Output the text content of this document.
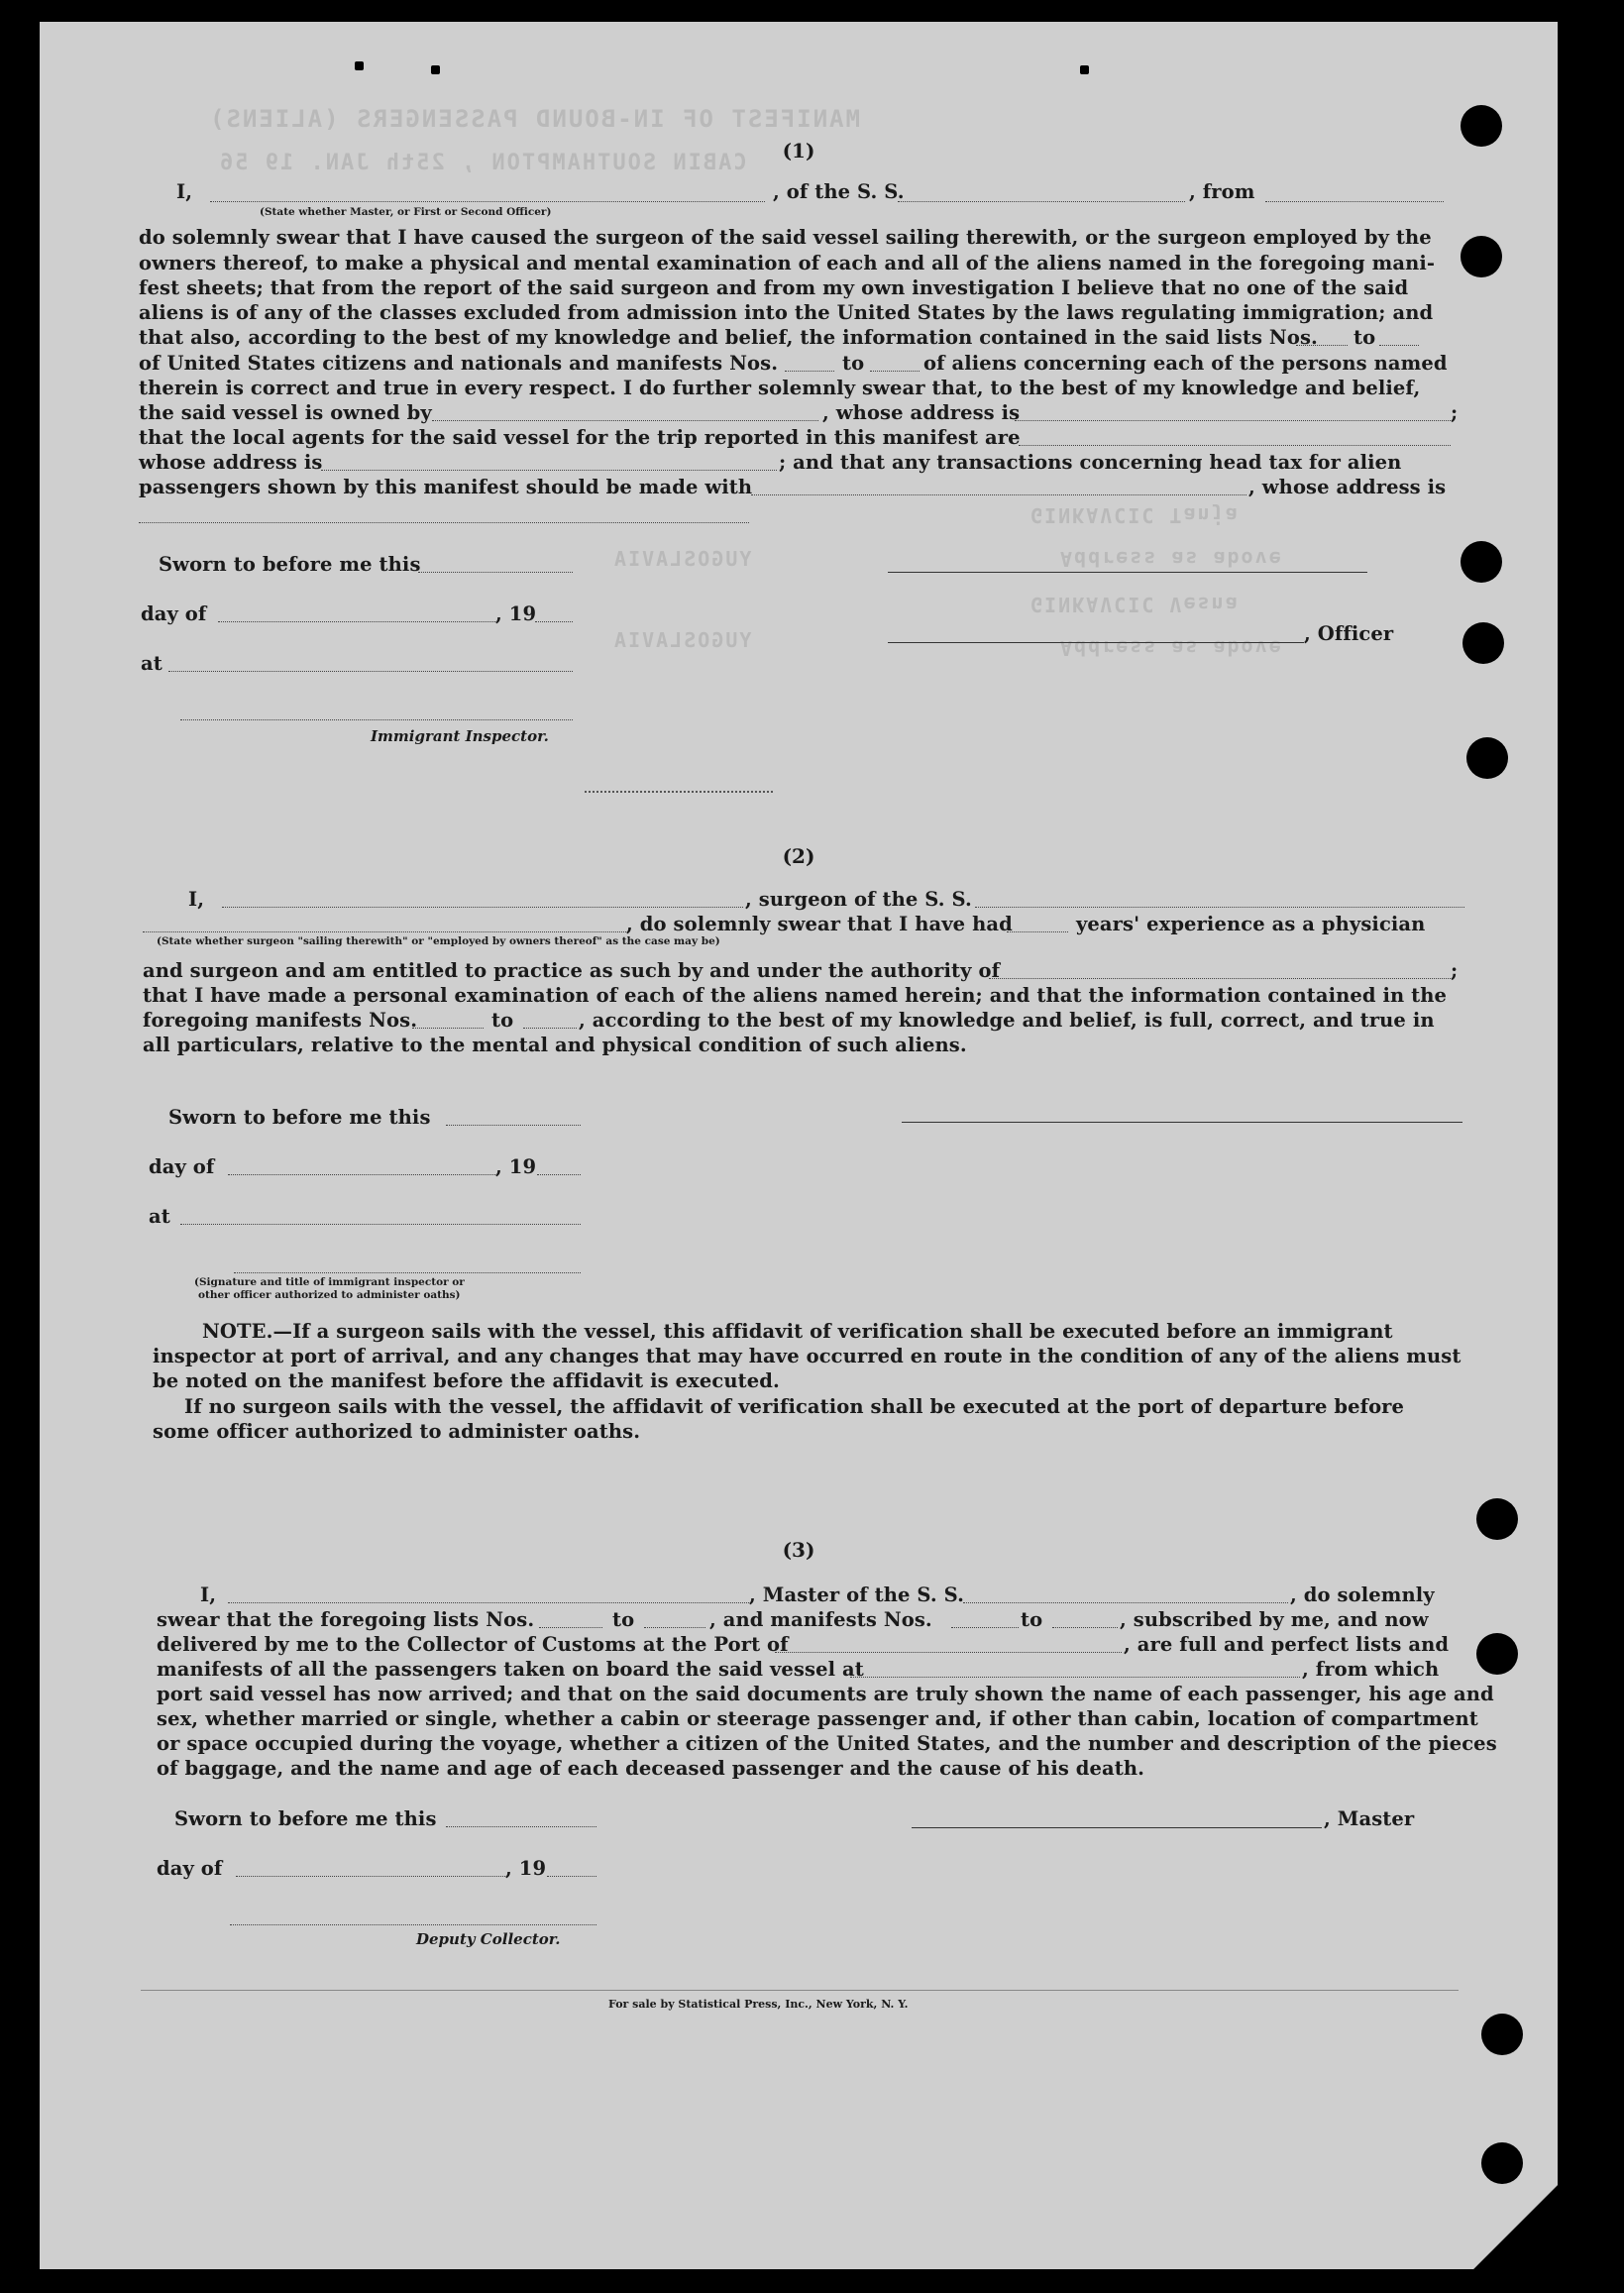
MANIFEST OF IN-BOUND PASSENGERS (ALIENS)
CABIN SOUTHAMPTON , 25th JAN. 19 56
YUGOSLAVIA
YUGOSLAVIA
GINKAVCIC Tanja
GINKAVCIC Vesna
Address as above
Address as above
(1)
I,	, of the S. S.	, from
(State whether Master, or First or Second Officer)
do solemnly swear that I have caused the surgeon of the said vessel sailing therewith, or the surgeon employed by the
owners thereof, to make a physical and mental examination of each and all of the aliens named in the foregoing mani-
fest sheets; that from the report of the said surgeon and from my own investigation I believe that no one of the said
aliens is of any of the classes excluded from admission into the United States by the laws regulating immigration; and
that also, according to the best of my knowledge and belief, the information contained in the said lists Nos. to
of United States citizens and nationals and manifests Nos.	to	of aliens concerning each of the persons named
therein is correct and true in every respect. I do further solemnly swear that, to the best of my knowledge and belief,
the said vessel is owned by	, whose address is	;
that the local agents for the said vessel for the trip reported in this manifest are
whose address is	; and that any transactions concerning head tax for alien
passengers shown by this manifest should be made with	, whose address is
Sworn to before me this
day of	, 19
, Officer
at
Immigrant Inspector.
(2)
I,	, surgeon of the S. S.
, do solemnly swear that I have had	years' experience as a physician
(State whether surgeon "sailing therewith" or "employed by owners thereof" as the case may be)
and surgeon and am entitled to practice as such by and under the authority of	;
that I have made a personal examination of each of the aliens named herein; and that the information contained in the
foregoing manifests Nos.	to	, according to the best of my knowledge and belief, is full, correct, and true in
all particulars, relative to the mental and physical condition of such aliens.
Sworn to before me this
day of	, 19
at
(Signature and title of immigrant inspector or
other officer authorized to administer oaths)
NOTE.—If a surgeon sails with the vessel, this affidavit of verification shall be executed before an immigrant
inspector at port of arrival, and any changes that may have occurred en route in the condition of any of the aliens must
be noted on the manifest before the affidavit is executed.
If no surgeon sails with the vessel, the affidavit of verification shall be executed at the port of departure before
some officer authorized to administer oaths.
(3)
I,	, Master of the S. S.	, do solemnly
swear that the foregoing lists Nos.	to	, and manifests Nos.	to	, subscribed by me, and now
delivered by me to the Collector of Customs at the Port of	, are full and perfect lists and
manifests of all the passengers taken on board the said vessel at	, from which
port said vessel has now arrived; and that on the said documents are truly shown the name of each passenger, his age and
sex, whether married or single, whether a cabin or steerage passenger and, if other than cabin, location of compartment
or space occupied during the voyage, whether a citizen of the United States, and the number and description of the pieces
of baggage, and the name and age of each deceased passenger and the cause of his death.
Sworn to before me this	, Master
day of	, 19
Deputy Collector.
For sale by Statistical Press, Inc., New York, N. Y.
